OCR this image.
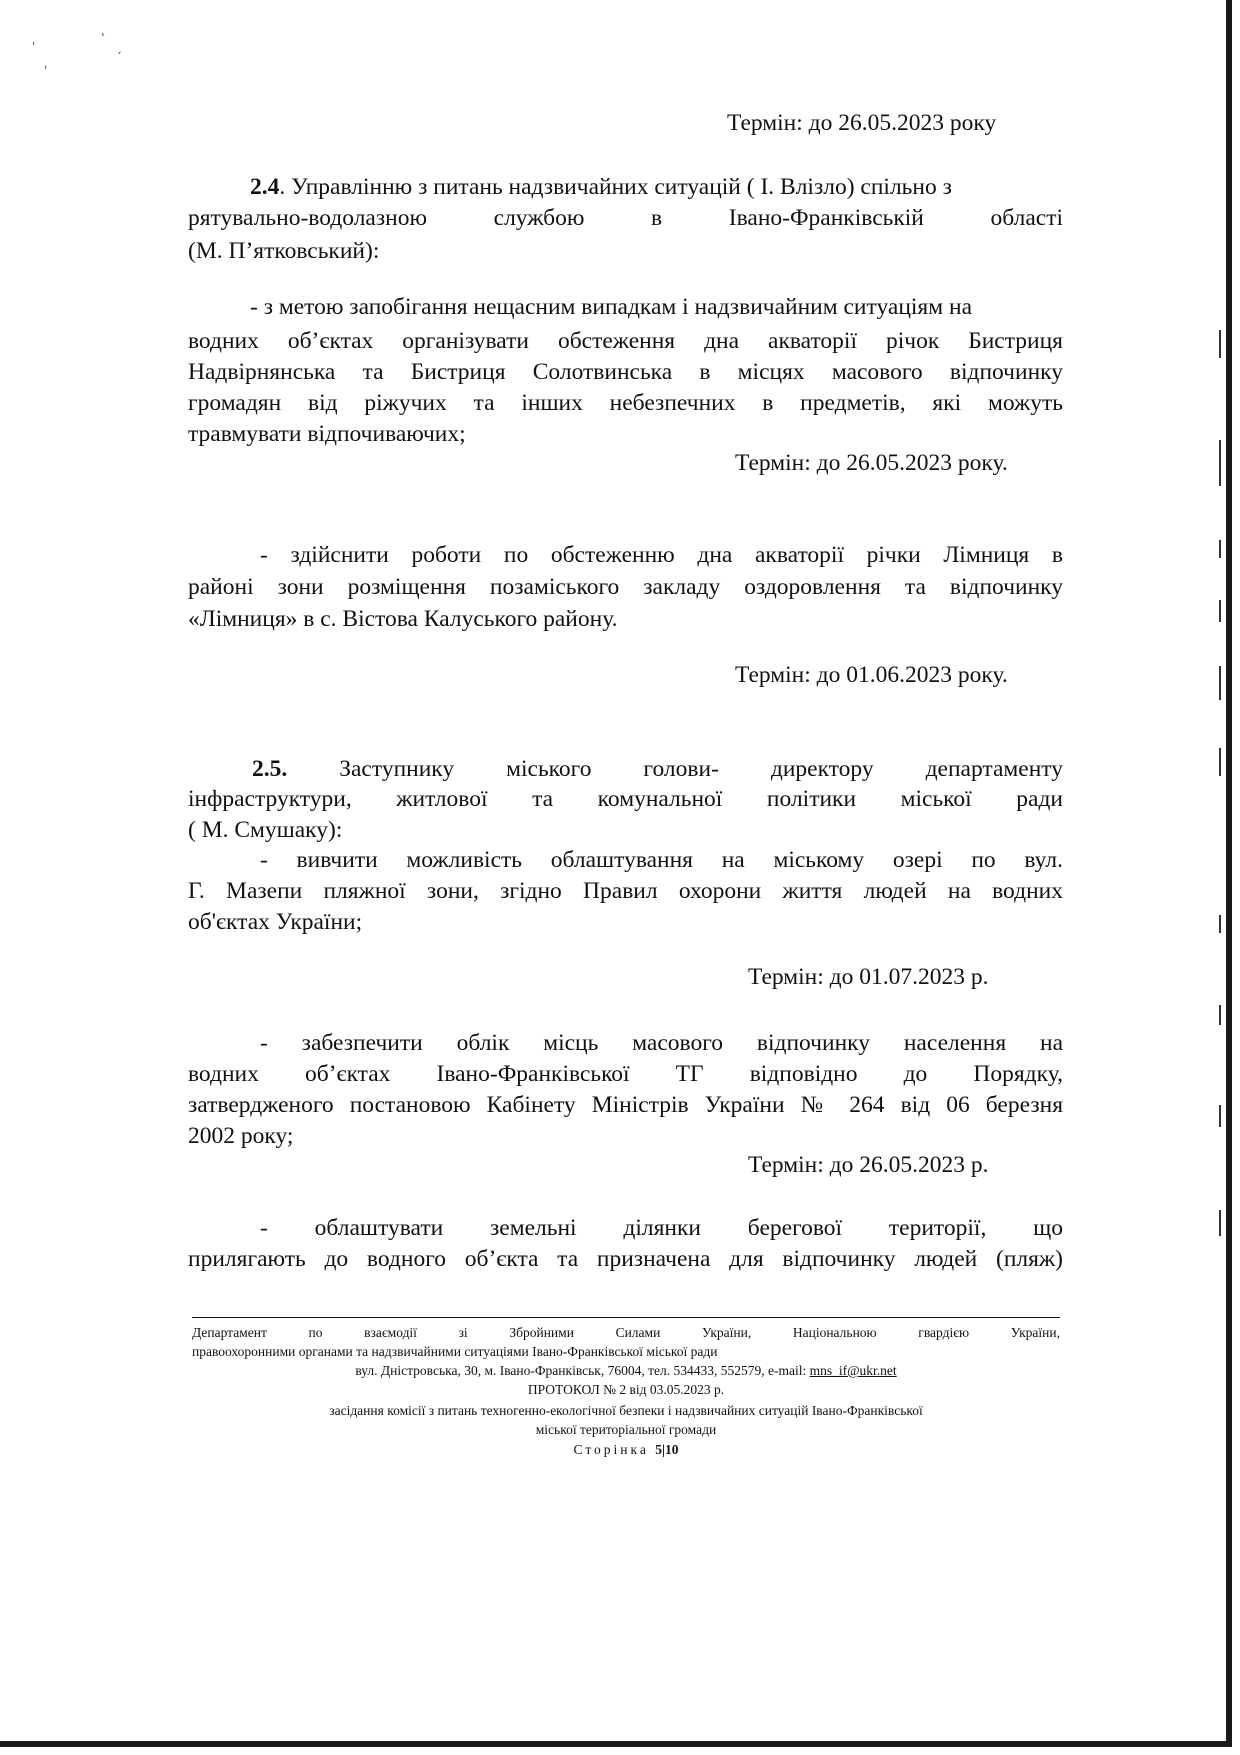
ˌ
˛
ˏ
ˌ
Термін: до 26.05.2023 року
2.4. Управлінню з питань надзвичайних ситуацій ( І. Влізло) спільно з
рятувально-водолазною службою в Івано-Франківській області
(М. П’ятковський):
- з метою запобігання нещасним випадкам і надзвичайним ситуаціям на
водних об’єктах організувати обстеження дна акваторії річок Бистриця
Надвірнянська та Бистриця Солотвинська в місцях масового відпочинку
громадян від ріжучих та інших небезпечних в предметів, які можуть
травмувати відпочиваючих;
Термін: до 26.05.2023 року.
- здійснити роботи по обстеженню дна акваторії річки Лімниця в
районі зони розміщення позаміського закладу оздоровлення та відпочинку
«Лімниця» в с. Вістова Калуського району.
Термін: до 01.06.2023 року.
2.5. Заступнику міського голови- директору департаменту
інфраструктури, житлової та комунальної політики міської ради
( М. Смушаку):
- вивчити можливість облаштування на міському озері по вул.
Г. Мазепи пляжної зони, згідно Правил охорони життя людей на водних
об'єктах України;
Термін: до 01.07.2023 р.
- забезпечити облік місць масового відпочинку населення на
водних об’єктах Івано-Франківської ТГ відповідно до Порядку,
затвердженого постановою Кабінету Міністрів України № 264 від 06 березня
2002 року;
Термін: до 26.05.2023 р.
- облаштувати земельні ділянки берегової території, що
прилягають до водного об’єкта та призначена для відпочинку людей (пляж)
Департамент по взаємодії зі Збройними Силами України, Національною гвардією України,
правоохоронними органами та надзвичайними ситуаціями Івано-Франківської міської ради
вул. Дністровська, 30, м. Івано-Франківськ, 76004, тел. 534433, 552579, e-mail: mns_if@ukr.net
ПРОТОКОЛ № 2 від 03.05.2023 р.
засідання комісії з питань техногенно-екологічної безпеки і надзвичайних ситуацій Івано-Франківської
міської територіальної громади
Сторінка 5|10
